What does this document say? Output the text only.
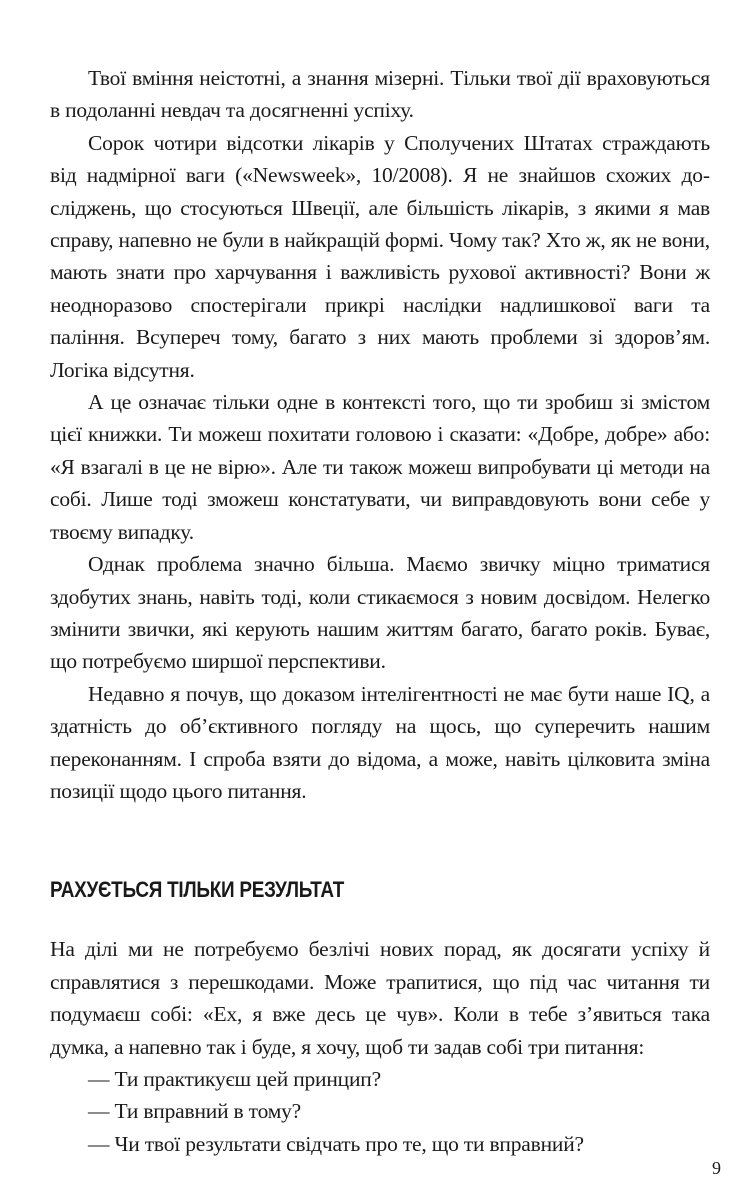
Твої вміння неістотні, а знання мізерні. Тільки твої дії враховуються в подоланні невдач та досягненні успіху.

Сорок чотири відсотки лікарів у Сполучених Штатах страждають від надмірної ваги («Newsweek», 10/2008). Я не знайшов схожих досліджень, що стосуються Швеції, але більшість лікарів, з якими я мав справу, напевно не були в найкращій формі. Чому так? Хто ж, як не вони, мають знати про харчування і важливість рухової активності? Вони ж неодноразово спостерігали прикрі наслідки надлишкової ваги та паління. Всупереч тому, багато з них мають проблеми зі здоров’ям. Логіка відсутня.

А це означає тільки одне в контексті того, що ти зробиш зі змістом цієї книжки. Ти можеш похитати головою і сказати: «Добре, добре» або: «Я взагалі в це не вірю». Але ти також можеш випробувати ці методи на собі. Лише тоді зможеш констатувати, чи виправдовують вони себе у твоєму випадку.

Однак проблема значно більша. Маємо звичку міцно триматися здобутих знань, навіть тоді, коли стикаємося з новим досвідом. Нелегко змінити звички, які керують нашим життям багато, багато років. Буває, що потребуємо ширшої перспективи.

Недавно я почув, що доказом інтелігентності не має бути наше IQ, а здатність до об’єктивного погляду на щось, що суперечить нашим переконанням. І спроба взяти до відома, а може, навіть цілковита зміна позиції щодо цього питання.

РАХУЄТЬСЯ ТІЛЬКИ РЕЗУЛЬТАТ

На ділі ми не потребуємо безлічі нових порад, як досягати успіху й справлятися з перешкодами. Може трапитися, що під час читання ти подумаєш собі: «Ех, я вже десь це чув». Коли в тебе з’явиться така думка, а напевно так і буде, я хочу, щоб ти задав собі три питання:

— Ти практикуєш цей принцип?
— Ти вправний в тому?
— Чи твої результати свідчать про те, що ти вправний?
9
